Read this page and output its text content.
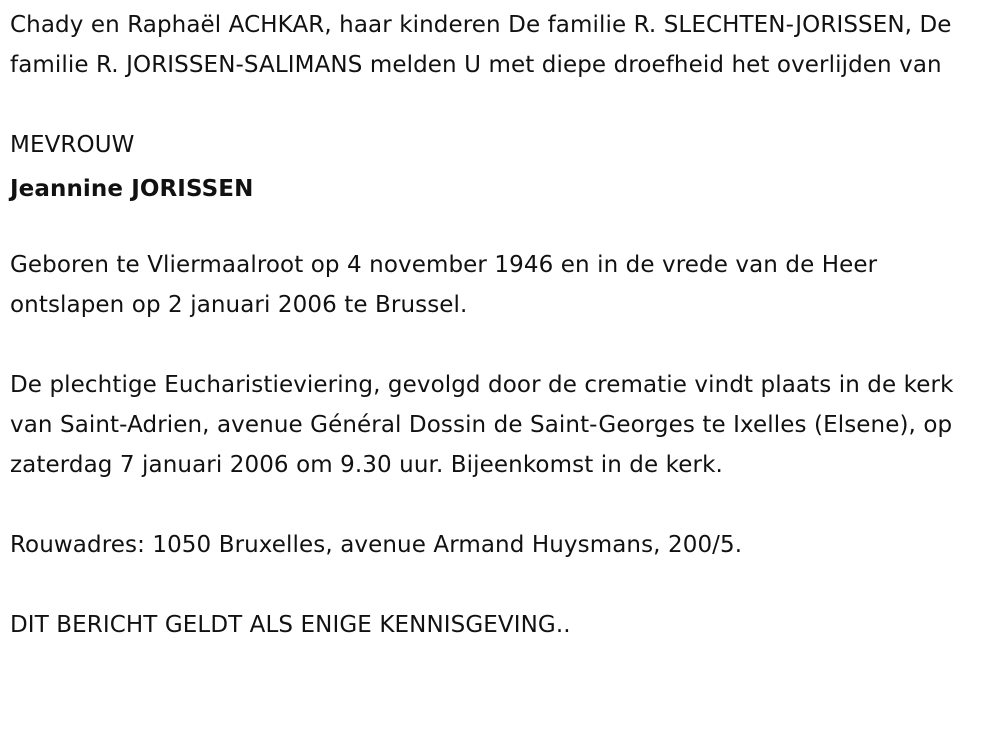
Chady en Raphaël ACHKAR, haar kinderen De familie R. SLECHTEN-JORISSEN, De familie R. JORISSEN-SALIMANS melden U met diepe droefheid het overlijden van

MEVROUW

Jeannine JORISSEN

Geboren te Vliermaalroot op 4 november 1946 en in de vrede van de Heer ontslapen op 2 januari 2006 te Brussel.

De plechtige Eucharistieviering, gevolgd door de crematie vindt plaats in de kerk van Saint-Adrien, avenue Général Dossin de Saint-Georges te Ixelles (Elsene), op zaterdag 7 januari 2006 om 9.30 uur. Bijeenkomst in de kerk.

Rouwadres: 1050 Bruxelles, avenue Armand Huysmans, 200/5.

DIT BERICHT GELDT ALS ENIGE KENNISGEVING..
